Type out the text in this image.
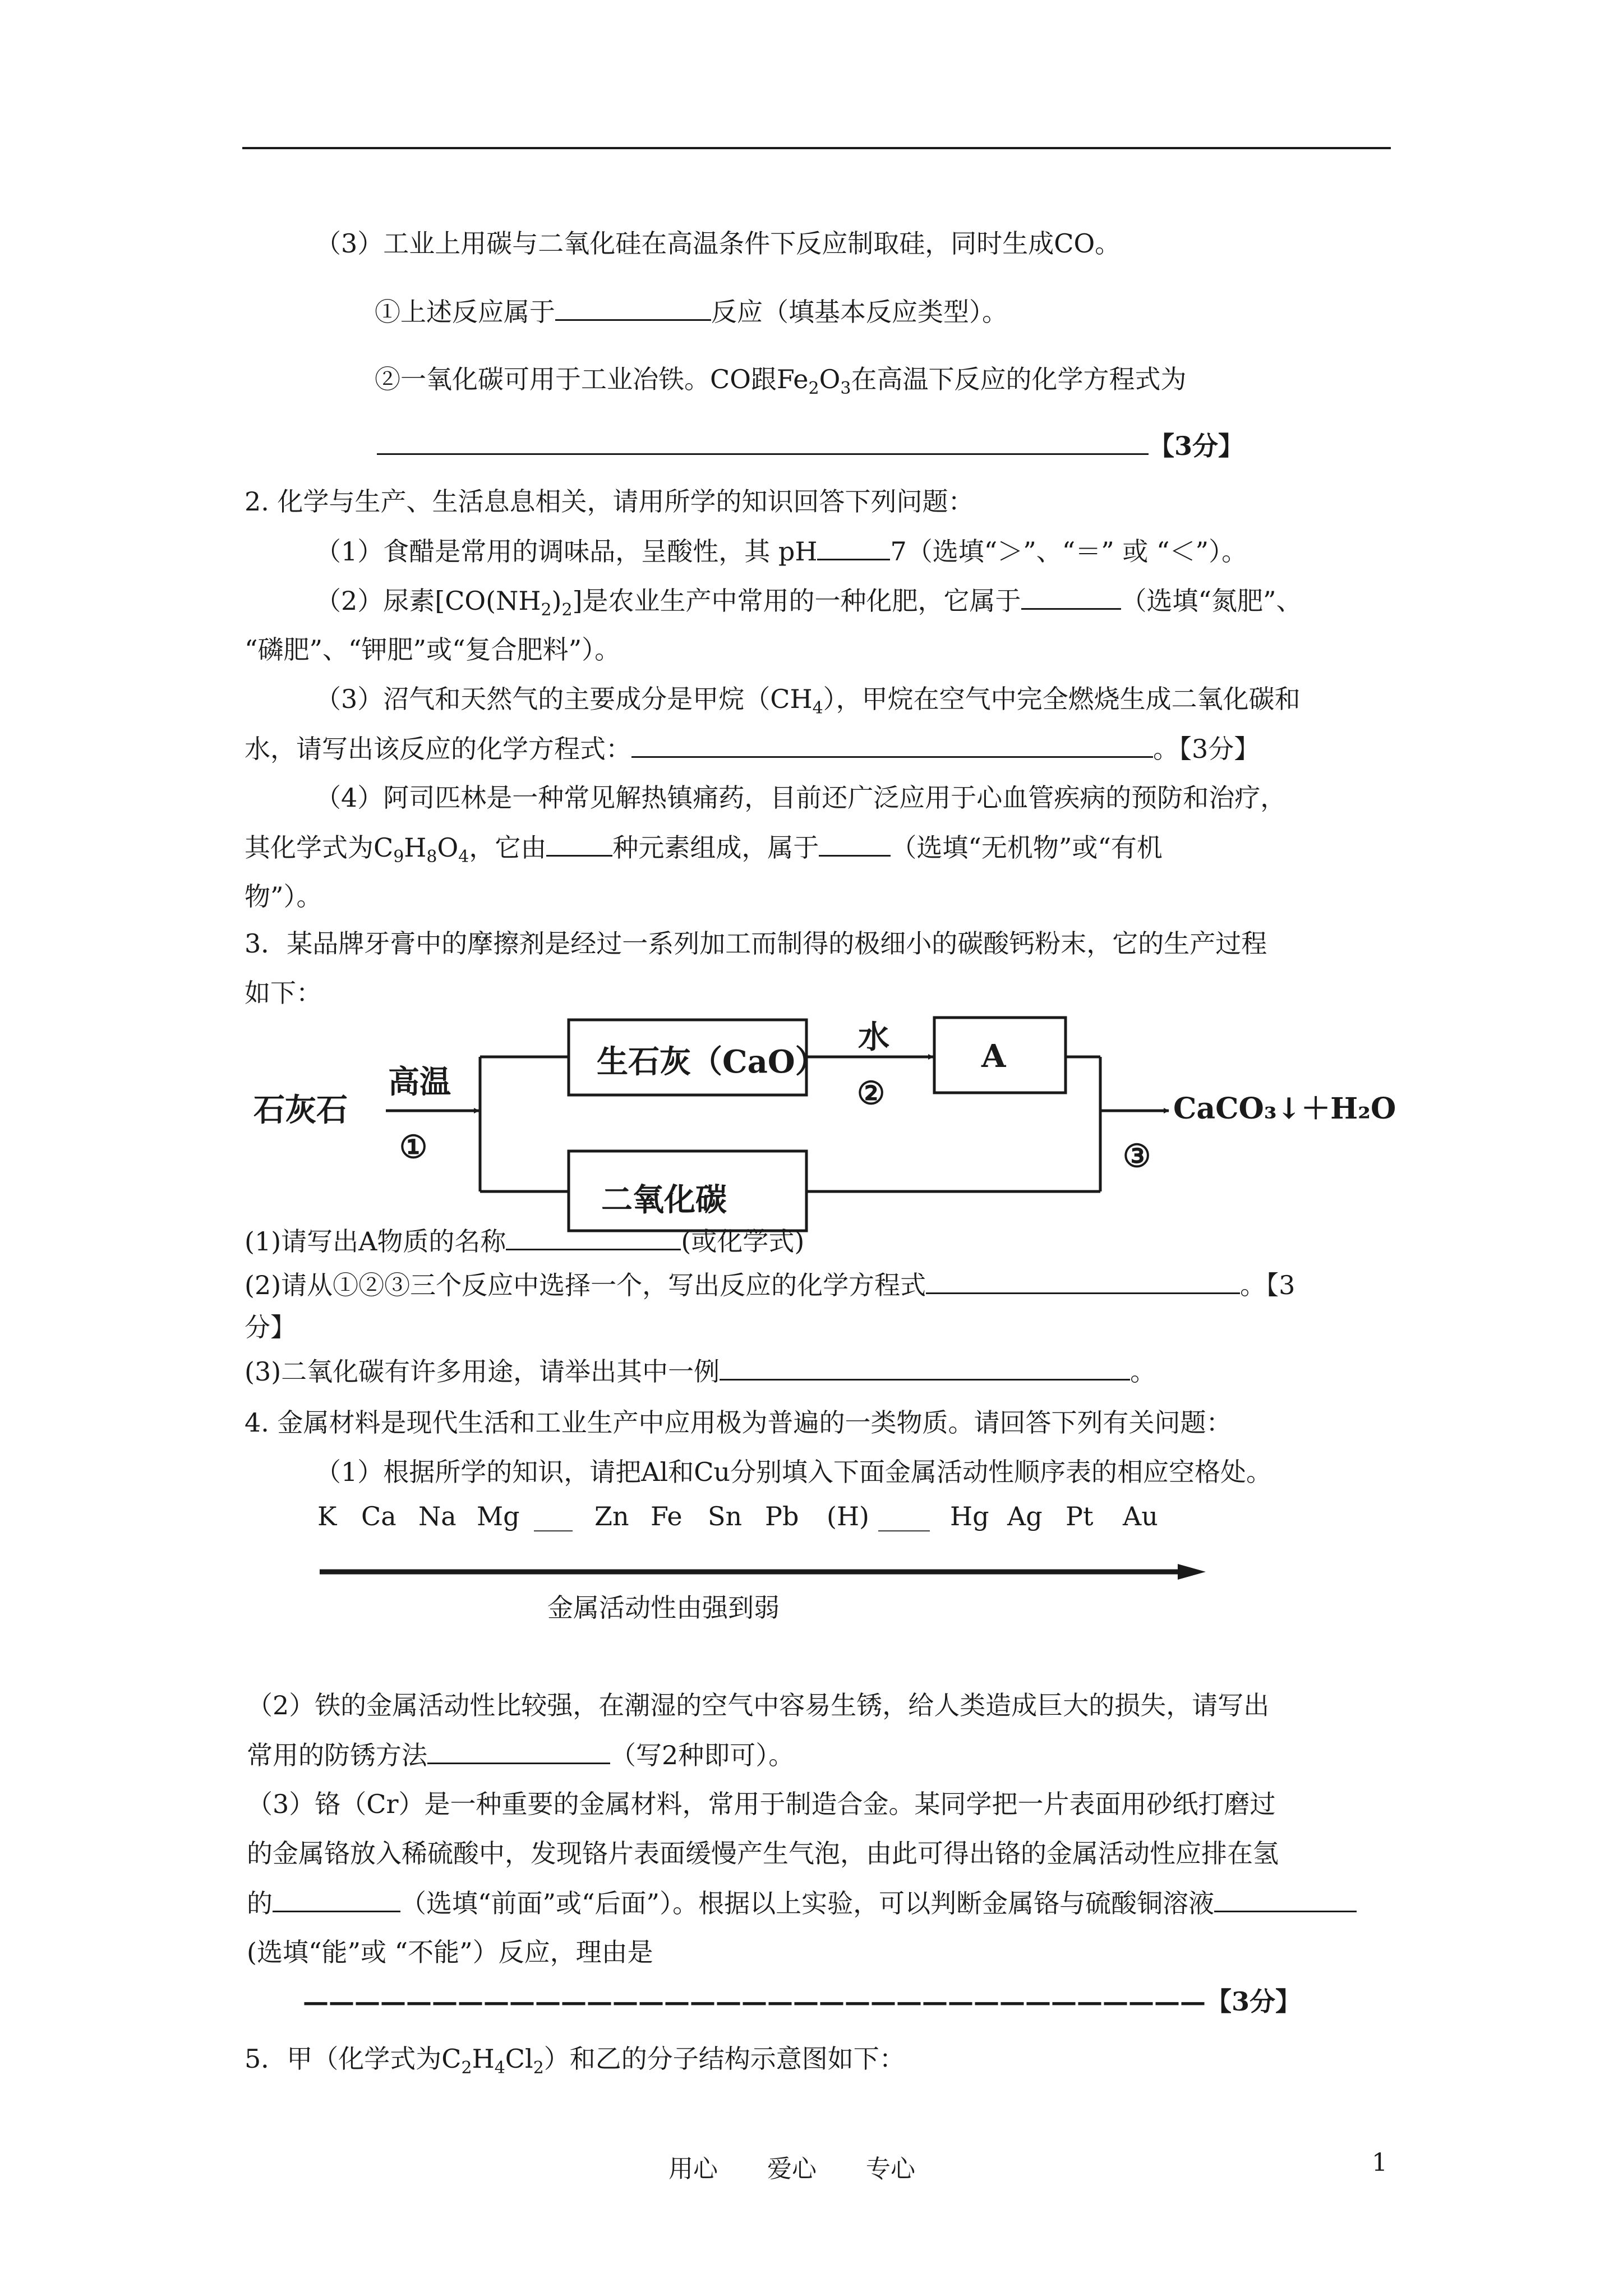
（3）工业上用碳与二氧化硅在高温条件下反应制取硅，同时生成CO。
①上述反应属于	反应（填基本反应类型）。
②一氧化碳可用于工业冶铁。CO跟$Fe_2O_3$在高温下反应的化学方程式为
【3分】
2. 化学与生产、生活息息相关，请用所学的知识回答下列问题：
（1）食醋是常用的调味品，呈酸性，其 pH	7（选填“＞”、“＝” 或 “＜”）。
（2）尿素$[CO(NH_2)_2]$是农业生产中常用的一种化肥，它属于	（选填“氮肥”、
“磷肥”、“钾肥”或“复合肥料”）。
（3）沼气和天然气的主要成分是甲烷$(CH_4)$，甲烷在空气中完全燃烧生成二氧化碳和
水，请写出该反应的化学方程式：	。【3分】
（4）阿司匹林是一种常见解热镇痛药，目前还广泛应用于心血管疾病的预防和治疗，
其化学式为$C_9H_8O_4$，它由	种元素组成，属于	（选填“无机物”或“有机
物”）。
3．某品牌牙膏中的摩擦剂是经过一系列加工而制得的极细小的碳酸钙粉末，它的生产过程
如下：
石灰石
高温
①
生石灰（CaO）
水
②
A
二氧化碳
③
CaCO₃↓＋H₂O
(1)请写出A物质的名称	(或化学式)
(2)请从①②③三个反应中选择一个，写出反应的化学方程式	。【3
分】
(3)二氧化碳有许多用途，请举出其中一例	。
4. 金属材料是现代生活和工业生产中应用极为普遍的一类物质。请回答下列有关问题：
（1）根据所学的知识，请把Al和Cu分别填入下面金属活动性顺序表的相应空格处。
K Ca Na Mg ___ Zn Fe Sn Pb (H) ____ Hg Ag Pt Au
金属活动性由强到弱
（2）铁的金属活动性比较强，在潮湿的空气中容易生锈，给人类造成巨大的损失，请写出
常用的防锈方法	（写2种即可）。
（3）铬（Cr）是一种重要的金属材料，常用于制造合金。某同学把一片表面用砂纸打磨过
的金属铬放入稀硫酸中，发现铬片表面缓慢产生气泡，由此可得出铬的金属活动性应排在氢
的	（选填“前面”或“后面”）。根据以上实验，可以判断金属铬与硫酸铜溶液
(选填“能”或 “不能”）反应，理由是
———————————————————————————————————【3分】
5．甲（化学式为$C_2H_4Cl_2$）和乙的分子结构示意图如下：
用心　　爱心　　专心	1
